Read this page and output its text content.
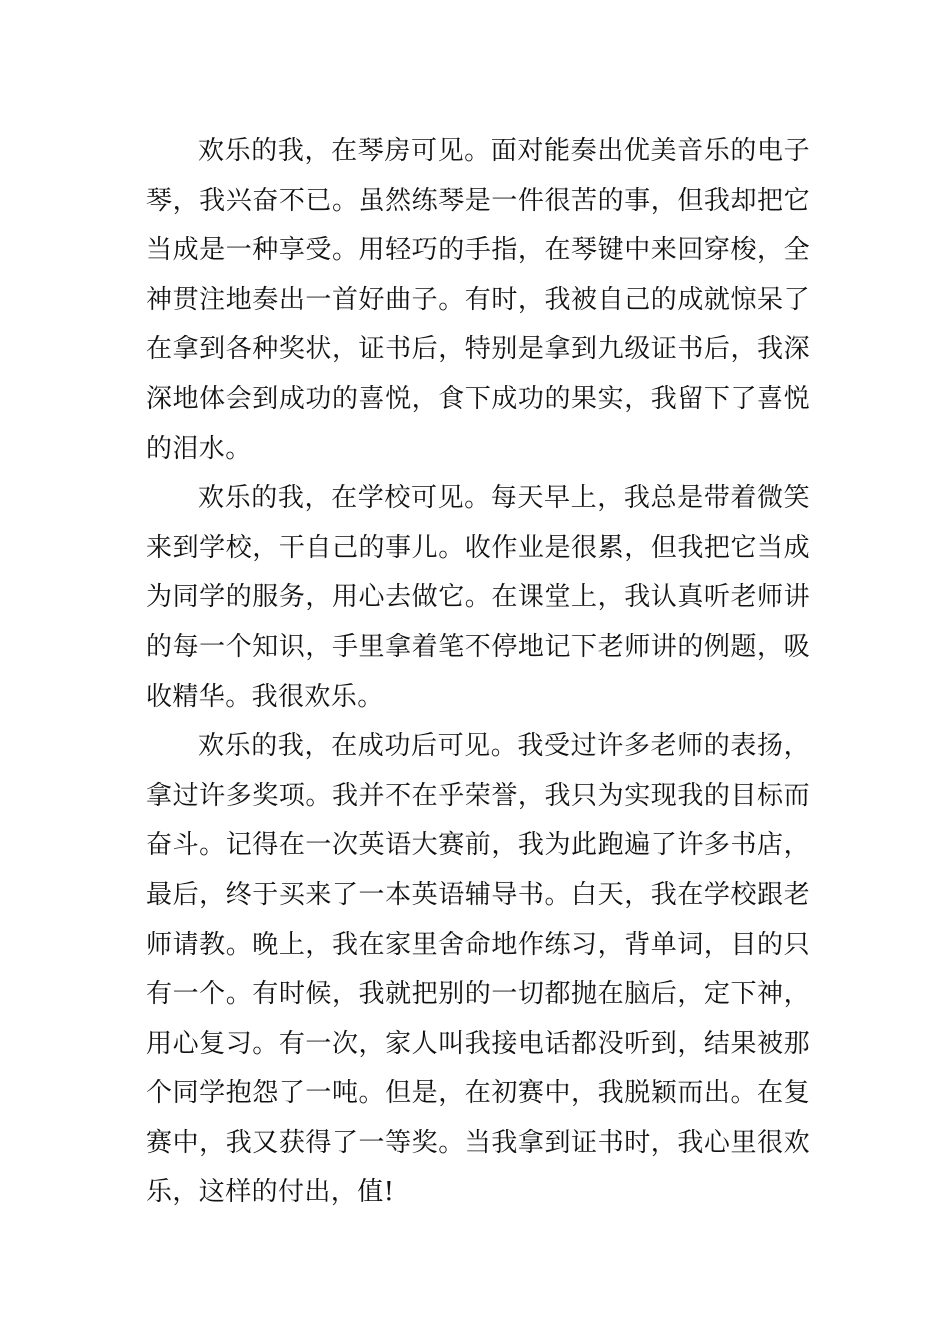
欢乐的我，在琴房可见。面对能奏出优美音乐的电子琴，我兴奋不已。虽然练琴是一件很苦的事，但我却把它当成是一种享受。用轻巧的手指，在琴键中来回穿梭，全神贯注地奏出一首好曲子。有时，我被自己的成就惊呆了在拿到各种奖状，证书后，特别是拿到九级证书后，我深深地体会到成功的喜悦，食下成功的果实，我留下了喜悦的泪水。

欢乐的我，在学校可见。每天早上，我总是带着微笑来到学校，干自己的事儿。收作业是很累，但我把它当成为同学的服务，用心去做它。在课堂上，我认真听老师讲的每一个知识，手里拿着笔不停地记下老师讲的例题，吸收精华。我很欢乐。

欢乐的我，在成功后可见。我受过许多老师的表扬，拿过许多奖项。我并不在乎荣誉，我只为实现我的目标而奋斗。记得在一次英语大赛前，我为此跑遍了许多书店，最后，终于买来了一本英语辅导书。白天，我在学校跟老师请教。晚上，我在家里舍命地作练习，背单词，目的只有一个。有时候，我就把别的一切都抛在脑后，定下神，用心复习。有一次，家人叫我接电话都没听到，结果被那个同学抱怨了一吨。但是，在初赛中，我脱颖而出。在复赛中，我又获得了一等奖。当我拿到证书时，我心里很欢乐，这样的付出，值!
